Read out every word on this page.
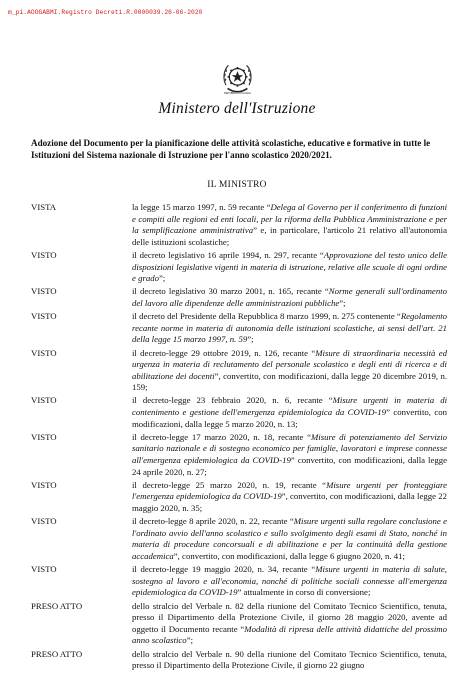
m_pi.AOOGABMI.Registro Decreti.R.0000039.26-06-2020
REPVBBLICA ITALIANA
Ministero dell'Istruzione
Adozione del Documento per la pianificazione delle attività scolastiche, educative e formative in tutte le Istituzioni del Sistema nazionale di Istruzione per l'anno scolastico 2020/2021.
IL MINISTRO
VISTA	la legge 15 marzo 1997, n. 59 recante “Delega al Governo per il conferimento di funzioni e compiti alle regioni ed enti locali, per la riforma della Pubblica Amministrazione e per la semplificazione amministrativa” e, in particolare, l'articolo 21 relativo all'autonomia delle istituzioni scolastiche;
VISTO	il decreto legislativo 16 aprile 1994, n. 297, recante “Approvazione del testo unico delle disposizioni legislative vigenti in materia di istruzione, relative alle scuole di ogni ordine e grado”;
VISTO	il decreto legislativo 30 marzo 2001, n. 165, recante “Norme generali sull'ordinamento del lavoro alle dipendenze delle amministrazioni pubbliche”;
VISTO	il decreto del Presidente della Repubblica 8 marzo 1999, n. 275 contenente “Regolamento recante norme in materia di autonomia delle istituzioni scolastiche, ai sensi dell'art. 21 della legge 15 marzo 1997, n. 59”;
VISTO	il decreto-legge 29 ottobre 2019, n. 126, recante “Misure di straordinaria necessità ed urgenza in materia di reclutamento del personale scolastico e degli enti di ricerca e di abilitazione dei docenti”, convertito, con modificazioni, dalla legge 20 dicembre 2019, n. 159;
VISTO	il decreto-legge 23 febbraio 2020, n. 6, recante “Misure urgenti in materia di contenimento e gestione dell'emergenza epidemiologica da COVID-19” convertito, con modificazioni, dalla legge 5 marzo 2020, n. 13;
VISTO	il decreto-legge 17 marzo 2020, n. 18, recante “Misure di potenziamento del Servizio sanitario nazionale e di sostegno economico per famiglie, lavoratori e imprese connesse all'emergenza epidemiologica da COVID-19” convertito, con modificazioni, dalla legge 24 aprile 2020, n. 27;
VISTO	il decreto-legge 25 marzo 2020, n. 19, recante “Misure urgenti per fronteggiare l'emergenza epidemiologica da COVID-19”, convertito, con modificazioni, dalla legge 22 maggio 2020, n. 35;
VISTO	il decreto-legge 8 aprile 2020, n. 22, recante “Misure urgenti sulla regolare conclusione e l'ordinato avvio dell'anno scolastico e sullo svolgimento degli esami di Stato, nonché in materia di procedure concorsuali e di abilitazione e per la continuità della gestione accademica”, convertito, con modificazioni, dalla legge 6 giugno 2020, n. 41;
VISTO	il decreto-legge 19 maggio 2020, n. 34, recante “Misure urgenti in materia di salute, sostegno al lavoro e all'economia, nonché di politiche sociali connesse all'emergenza epidemiologica da COVID-19” attualmente in corso di conversione;
PRESO ATTO	dello stralcio del Verbale n. 82 della riunione del Comitato Tecnico Scientifico, tenuta, presso il Dipartimento della Protezione Civile, il giorno 28 maggio 2020, avente ad oggetto il Documento recante “Modalità di ripresa delle attività didattiche del prossimo anno scolastico”;
PRESO ATTO	dello stralcio del Verbale n. 90 della riunione del Comitato Tecnico Scientifico, tenuta, presso il Dipartimento della Protezione Civile, il giorno 22 giugno
